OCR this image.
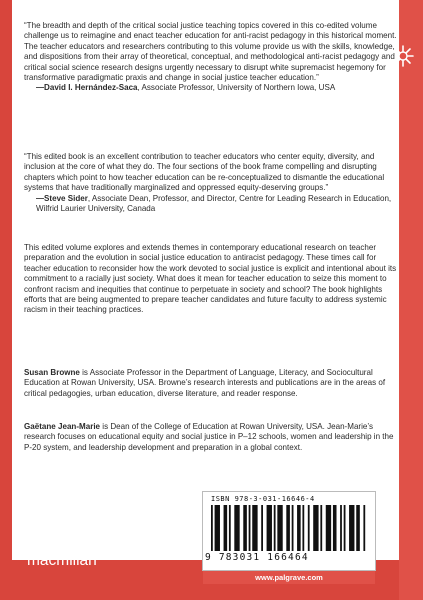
“The breadth and depth of the critical social justice teaching topics covered in this co-edited volume challenge us to reimagine and enact teacher education for anti-racist pedagogy in this historical moment. The teacher educators and researchers contributing to this volume provide us with the skills, knowledge, and dispositions from their array of theoretical, conceptual, and methodological anti-racist pedagogy and critical social science research designs urgently necessary to disrupt white supremacist hegemony for transformative paradigmatic praxis and change in social justice teacher education.”

—David I. Hernández-Saca, Associate Professor, University of Northern Iowa, USA

“This edited book is an excellent contribution to teacher educators who center equity, diversity, and inclusion at the core of what they do. The four sections of the book frame compelling and disrupting chapters which point to how teacher education can be re-conceptualized to dismantle the educational systems that have traditionally marginalized and oppressed equity-deserving groups.”

—Steve Sider, Associate Dean, Professor, and Director, Centre for Leading Research in Education, Wilfrid Laurier University, Canada

This edited volume explores and extends themes in contemporary educational research on teacher preparation and the evolution in social justice education to antiracist pedagogy. These times call for teacher education to reconsider how the work devoted to social justice is explicit and intentional about its commitment to a racially just society. What does it mean for teacher education to seize this moment to confront racism and inequities that continue to perpetuate in society and school? The book highlights efforts that are being augmented to prepare teacher candidates and future faculty to address systemic racism in their teaching practices.

Susan Browne is Associate Professor in the Department of Language, Literacy, and Sociocultural Education at Rowan University, USA. Browne’s research interests and publications are in the areas of critical pedagogies, urban education, diverse literature, and reader response.

Gaëtane Jean-Marie is Dean of the College of Education at Rowan University, USA. Jean-Marie’s research focuses on educational equity and social justice in P–12 schools, women and leadership in the P-20 system, and leadership development and preparation in a global context.

palgrave
macmillan
ISBN 978-3-031-16646-4
9 783031 166464
www.palgrave.com
